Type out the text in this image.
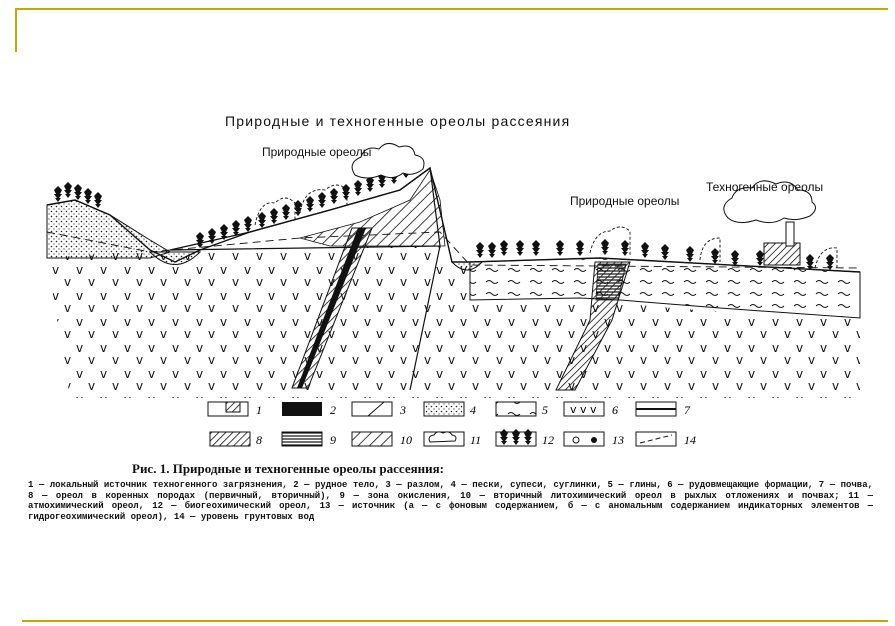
Природные и техногенные ореолы рассеяния
Природные ореолы
Природные ореолы
Техногенные ореолы
1	2	3	4	5 v v v 6	7
8	9	10	11	12	13	14
Рис. 1. Природные и техногенные ореолы рассеяния:
1 — локальный источник техногенного загрязнения, 2 — рудное тело, 3 — разлом, 4 — пески, супеси, суглинки, 5 — глины, 6 — рудовмещающие формации, 7 — почва, 8 — ореол в коренных породах (первичный, вторичный), 9 — зона окисления, 10 — вторичный литохимический ореол в рыхлых отложениях и почвах; 11 — атмохимический ореол, 12 — биогеохимический ореол, 13 — источник (а — с фоновым содержанием, б — с аномальным содержанием индикаторных элементов — гидрогеохимический ореол), 14 — уровень грунтовых вод
